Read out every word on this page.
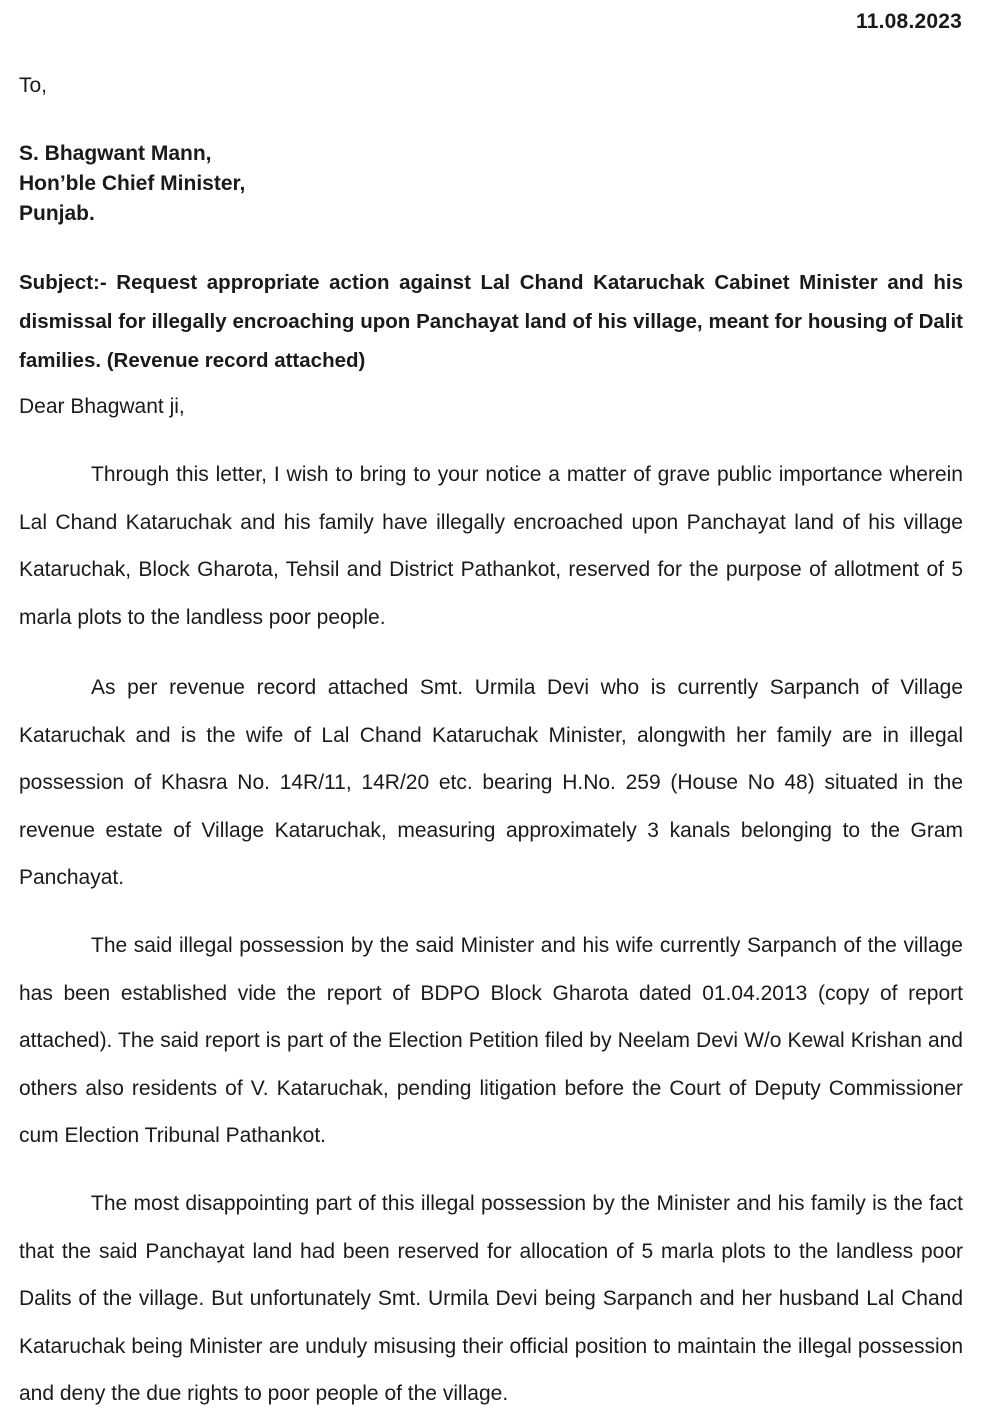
11.08.2023
To,
S. Bhagwant Mann,
Hon’ble Chief Minister,
Punjab.
Subject:- Request appropriate action against Lal Chand Kataruchak Cabinet Minister and his dismissal for illegally encroaching upon Panchayat land of his village, meant for housing of Dalit families. (Revenue record attached)
Dear Bhagwant ji,
Through this letter, I wish to bring to your notice a matter of grave public importance wherein Lal Chand Kataruchak and his family have illegally encroached upon Panchayat land of his village Kataruchak, Block Gharota, Tehsil and District Pathankot, reserved for the purpose of allotment of 5 marla plots to the landless poor people.
As per revenue record attached Smt. Urmila Devi who is currently Sarpanch of Village Kataruchak and is the wife of Lal Chand Kataruchak Minister, alongwith her family are in illegal possession of Khasra No. 14R/11, 14R/20 etc. bearing H.No. 259 (House No 48) situated in the revenue estate of Village Kataruchak, measuring approximately 3 kanals belonging to the Gram Panchayat.
The said illegal possession by the said Minister and his wife currently Sarpanch of the village has been established vide the report of BDPO Block Gharota dated 01.04.2013 (copy of report attached). The said report is part of the Election Petition filed by Neelam Devi W/o Kewal Krishan and others also residents of V. Kataruchak, pending litigation before the Court of Deputy Commissioner cum Election Tribunal Pathankot.
The most disappointing part of this illegal possession by the Minister and his family is the fact that the said Panchayat land had been reserved for allocation of 5 marla plots to the landless poor Dalits of the village. But unfortunately Smt. Urmila Devi being Sarpanch and her husband Lal Chand Kataruchak being Minister are unduly misusing their official position to maintain the illegal possession and deny the due rights to poor people of the village.
